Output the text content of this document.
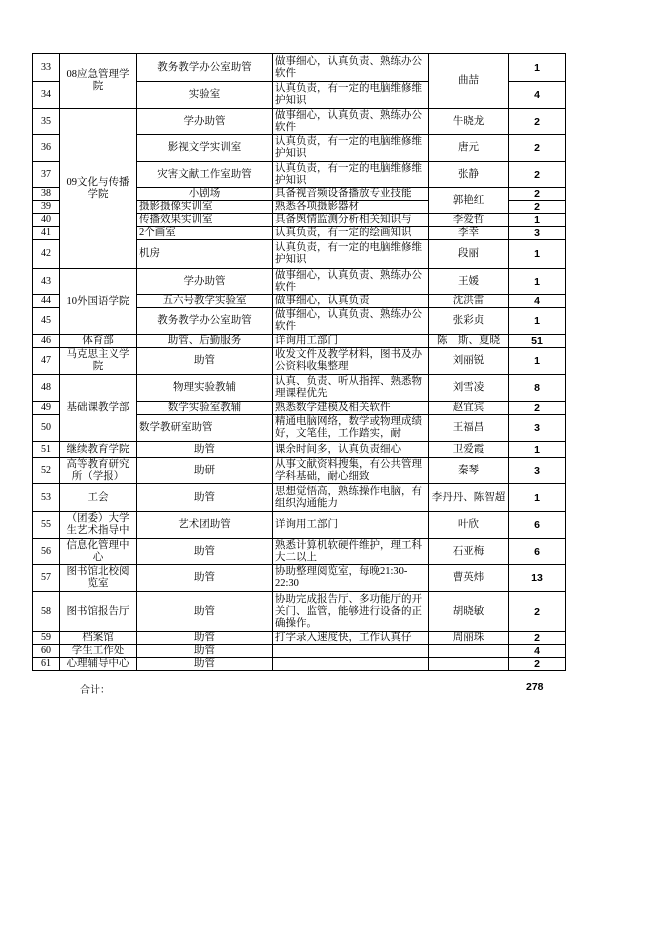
33	08应急管理学院	教务教学办公室助管	做事细心，认真负责、熟练办公软件	曲喆	1
34		实验室	认真负责，有一定的电脑维修维护知识		4
35	09文化与传播学院	学办助管	做事细心，认真负责、熟练办公软件	牛晓龙	2
36		影视文学实训室	认真负责，有一定的电脑维修维护知识	唐元	2
37		灾害文献工作室助管	认真负责，有一定的电脑维修维护知识	张静	2
38		小剧场	具备视音频设备播放专业技能	郭艳红	2
39		摄影摄像实训室	熟悉各项摄影器材		2
40		传播效果实训室	具备舆情监测分析相关知识与	李爱哲	1
41		2个画室	认真负责，有一定的绘画知识	李幸	3
42		机房	认真负责，有一定的电脑维修维护知识	段丽	1
43	10外国语学院	学办助管	做事细心，认真负责、熟练办公软件	王媛	1
44		五六号教学实验室	做事细心，认真负责	沈洪雷	4
45		教务教学办公室助管	做事细心，认真负责、熟练办公软件	张彩贞	1
46	体育部	助管、后勤服务	详询用工部门	陈　斯、夏晓	51
47	马克思主义学院	助管	收发文件及教学材料，图书及办公资料收集整理	刘丽锐	1
48	基础课教学部	物理实验教辅	认真、负责、听从指挥、熟悉物理课程优先	刘雪凌	8
49		数学实验室教辅	熟悉数学建模及相关软件	赵宜宾	2
50		数学教研室助管	精通电脑网络，数学或物理成绩好，文笔佳，工作踏实，耐	王福昌	3
51	继续教育学院	助管	课余时间多，认真负责细心	卫爱霞	1
52	高等教育研究所（学报）	助研	从事文献资料搜集，有公共管理学科基础，耐心细致	秦琴	3
53	工会	助管	思想觉悟高，熟练操作电脑，有组织沟通能力	李丹丹、陈智超	1
55	（团委）大学生艺术指导中	艺术团助管	详询用工部门	叶欣	6
56	信息化管理中心	助管	熟悉计算机软硬件维护，理工科大二以上	石亚梅	6
57	图书馆北校阅览室	助管	协助整理阅览室，每晚21:30-22:30	曹英炜	13
58	图书馆报告厅	助管	协助完成报告厅、多功能厅的开关门、监管，能够进行设备的正确操作。	胡晓敏	2
59	档案馆	助管	打字录入速度快，工作认真仔	周丽珠	2
60	学生工作处	助管			4
61	心理辅导中心	助管			2
合计：	278
